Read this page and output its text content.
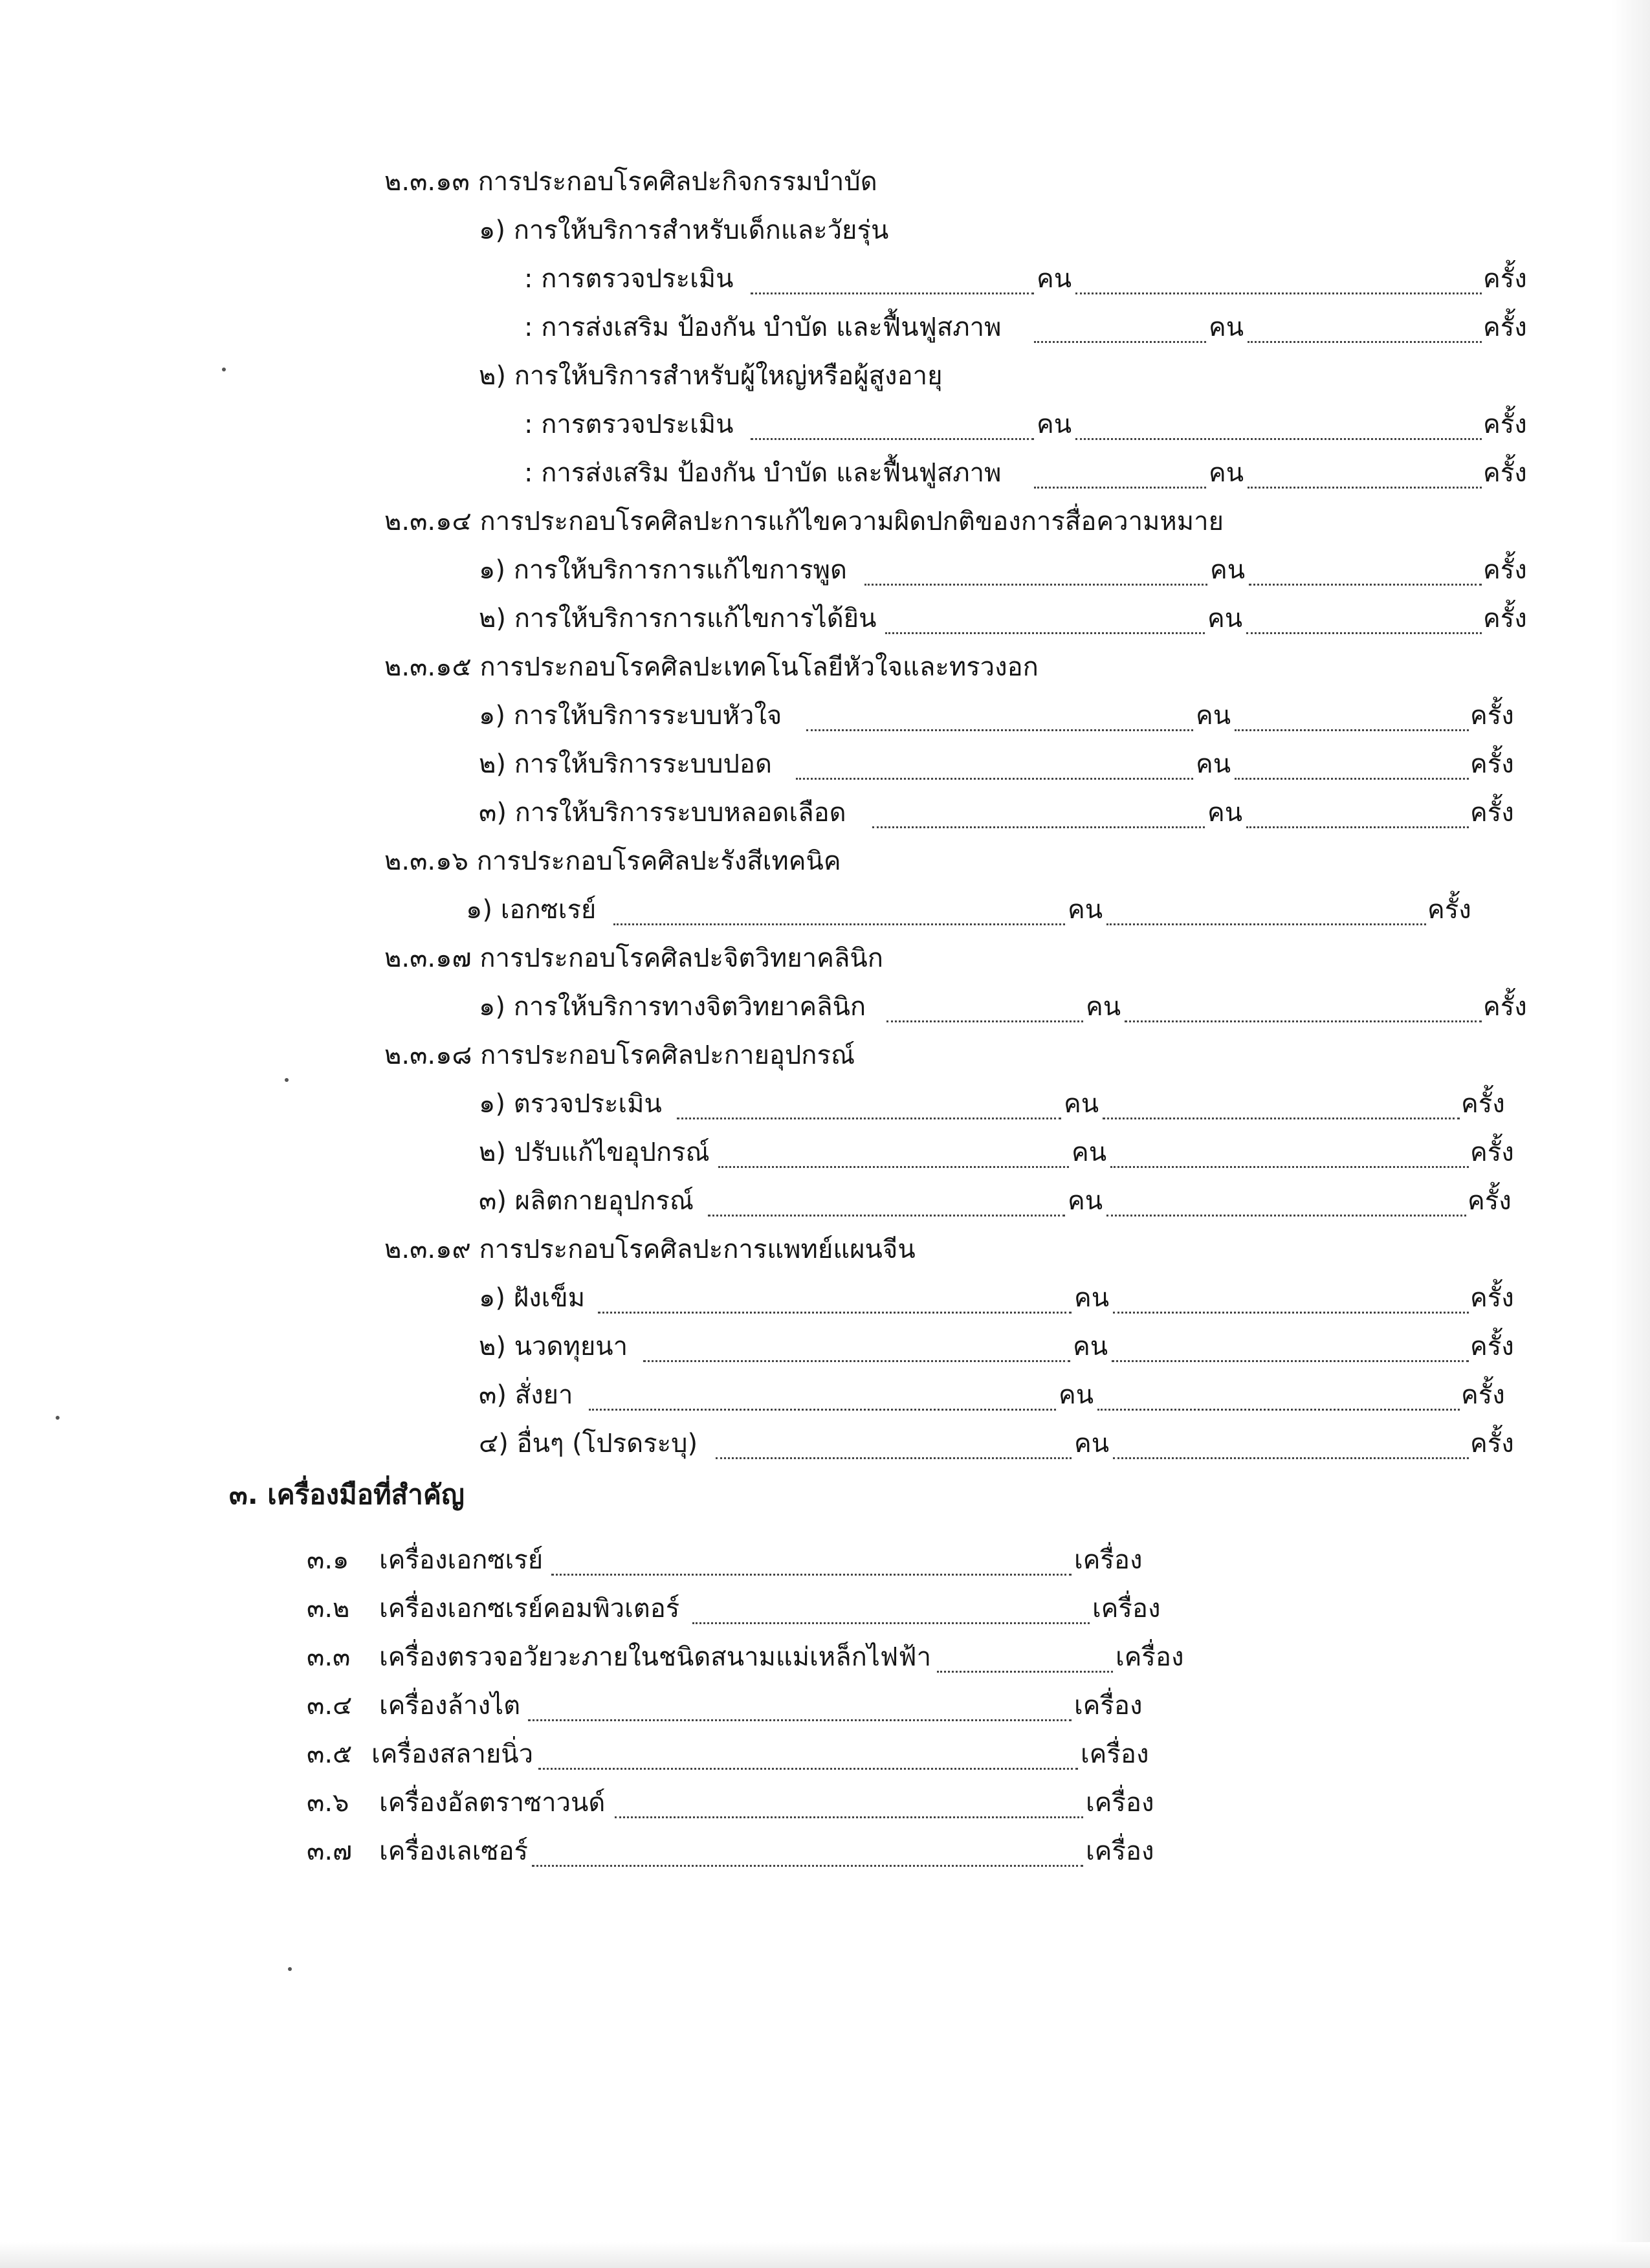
๒.๓.๑๓ การประกอบโรคศิลปะกิจกรรมบำบัด
๑) การให้บริการสำหรับเด็กและวัยรุ่น
: การตรวจประเมิน	คน	ครั้ง
: การส่งเสริม ป้องกัน บำบัด และฟื้นฟูสภาพ	คน	ครั้ง
๒) การให้บริการสำหรับผู้ใหญ่หรือผู้สูงอายุ
: การตรวจประเมิน	คน	ครั้ง
: การส่งเสริม ป้องกัน บำบัด และฟื้นฟูสภาพ	คน	ครั้ง
๒.๓.๑๔ การประกอบโรคศิลปะการแก้ไขความผิดปกติของการสื่อความหมาย
๑) การให้บริการการแก้ไขการพูด	คน	ครั้ง
๒) การให้บริการการแก้ไขการได้ยิน	คน	ครั้ง
๒.๓.๑๕ การประกอบโรคศิลปะเทคโนโลยีหัวใจและทรวงอก
๑) การให้บริการระบบหัวใจ	คน	ครั้ง
๒) การให้บริการระบบปอด	คน	ครั้ง
๓) การให้บริการระบบหลอดเลือด	คน	ครั้ง
๒.๓.๑๖ การประกอบโรคศิลปะรังสีเทคนิค
๑) เอกซเรย์	คน	ครั้ง
๒.๓.๑๗ การประกอบโรคศิลปะจิตวิทยาคลินิก
๑) การให้บริการทางจิตวิทยาคลินิก	คน	ครั้ง
๒.๓.๑๘ การประกอบโรคศิลปะกายอุปกรณ์
๑) ตรวจประเมิน	คน	ครั้ง
๒) ปรับแก้ไขอุปกรณ์	คน	ครั้ง
๓) ผลิตกายอุปกรณ์	คน	ครั้ง
๒.๓.๑๙ การประกอบโรคศิลปะการแพทย์แผนจีน
๑) ฝังเข็ม	คน	ครั้ง
๒) นวดทุยนา	คน	ครั้ง
๓) สั่งยา	คน	ครั้ง
๔) อื่นๆ (โปรดระบุ)	คน	ครั้ง
๓. เครื่องมือที่สำคัญ
๓.๑ เครื่องเอกซเรย์	เครื่อง
๓.๒ เครื่องเอกซเรย์คอมพิวเตอร์	เครื่อง
๓.๓ เครื่องตรวจอวัยวะภายในชนิดสนามแม่เหล็กไฟฟ้า	เครื่อง
๓.๔ เครื่องล้างไต	เครื่อง
๓.๕ เครื่องสลายนิ่ว	เครื่อง
๓.๖ เครื่องอัลตราซาวนด์	เครื่อง
๓.๗ เครื่องเลเซอร์	เครื่อง
